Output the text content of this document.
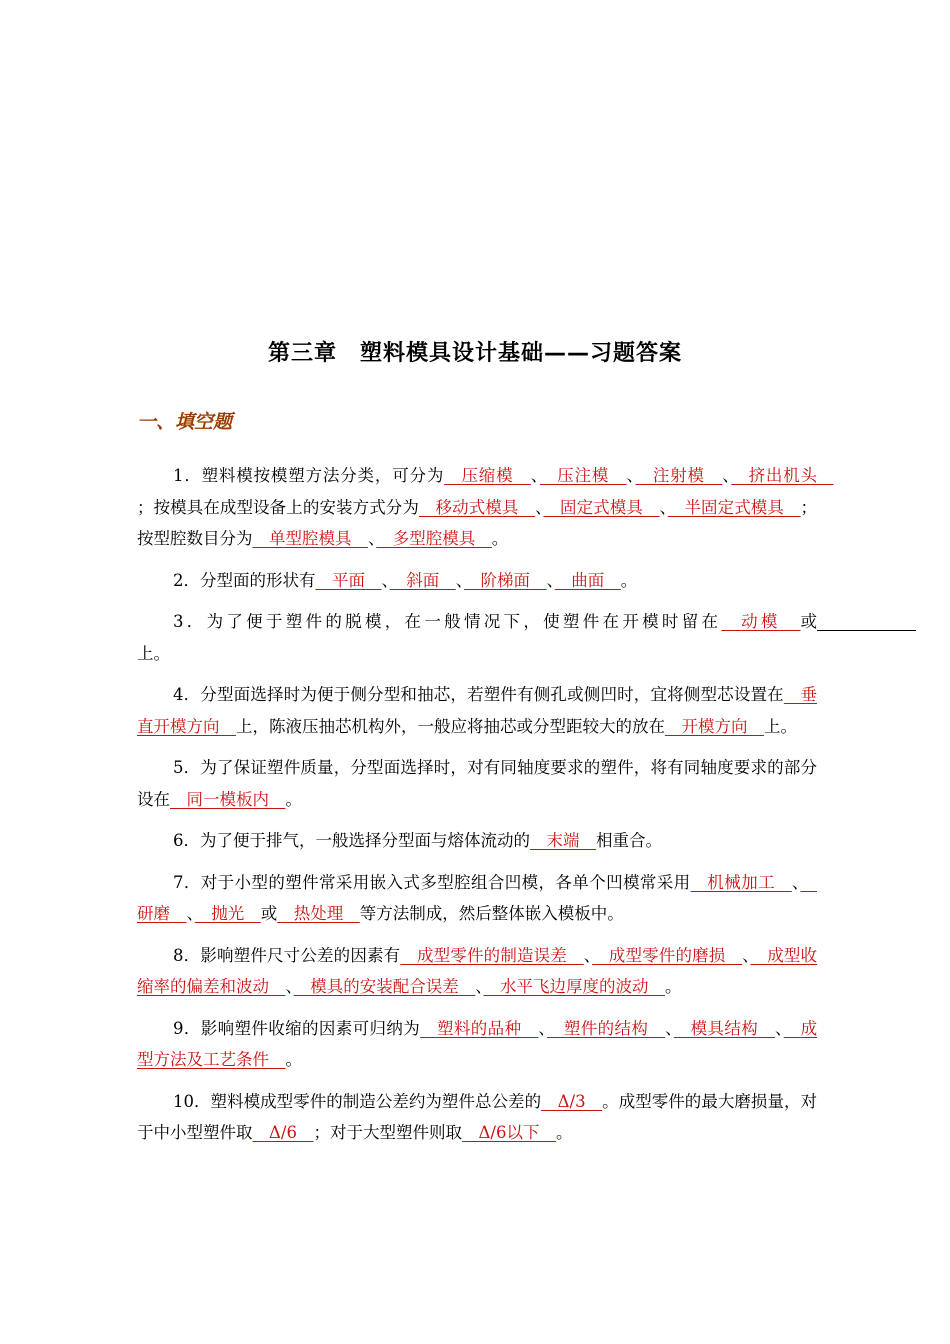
第三章　塑料模具设计基础——习题答案
一、填空题

1．塑料模按模塑方法分类，可分为　压缩模　、　压注模　、　注射模　、　挤出机头　；按模具在成型设备上的安装方式分为　移动式模具　、　固定式模具　、　半固定式模具　；按型腔数目分为　单型腔模具　、　多型腔模具　。

2．分型面的形状有　平面　、　斜面　、　阶梯面　、　曲面　。

3．为了便于塑件的脱模，在一般情况下，使塑件在开模时留在　动模　或　　　　　　上。

4．分型面选择时为便于侧分型和抽芯，若塑件有侧孔或侧凹时，宜将侧型芯设置在　垂直开模方向　上，陈液压抽芯机构外，一般应将抽芯或分型距较大的放在　开模方向　上。

5．为了保证塑件质量，分型面选择时，对有同轴度要求的塑件，将有同轴度要求的部分设在　同一模板内　。

6．为了便于排气，一般选择分型面与熔体流动的　末端　相重合。

7．对于小型的塑件常采用嵌入式多型腔组合凹模，各单个凹模常采用　机械加工　、　研磨　、　抛光　或　热处理　等方法制成，然后整体嵌入模板中。

8．影响塑件尺寸公差的因素有　成型零件的制造误差　、　成型零件的磨损　、　成型收缩率的偏差和波动　、　模具的安装配合误差　、　水平飞边厚度的波动　。

9．影响塑件收缩的因素可归纳为　塑料的品种　、　塑件的结构　、　模具结构　、　成型方法及工艺条件　。

10．塑料模成型零件的制造公差约为塑件总公差的　Δ/3　。成型零件的最大磨损量，对于中小型塑件取　Δ/6　；对于大型塑件则取　Δ/6以下　。
